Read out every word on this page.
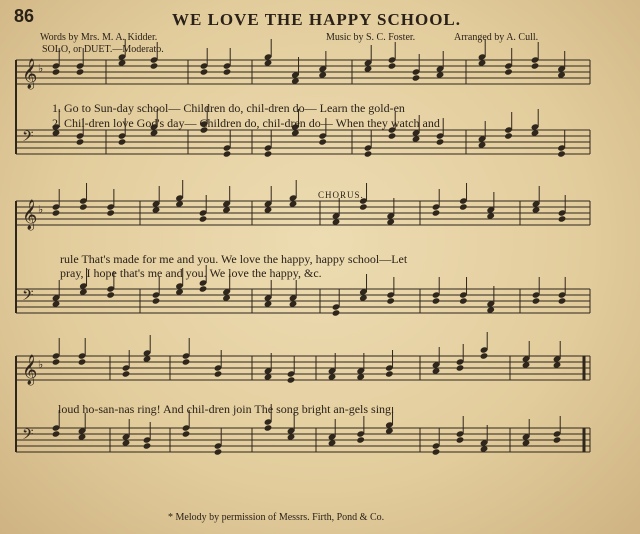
𝄞 ♭
𝄢
𝄞 ♭
𝄢
𝄞 ♭
𝄢
86	WE LOVE THE HAPPY SCHOOL.
Words by Mrs. M. A. Kidder.	Music by S. C. Foster.	Arranged by A. Cull.
SOLO, or DUET.—Moderato.
1. Go to Sun-day school— Children do, chil-dren do— Learn the gold-en
2. Chil-dren love God's day— Children do, chil-dren do— When they watch and
CHORUS.
rule That's made for me and you. We love the happy, happy school—Let
pray, I hope that's me and you. We love the happy, &c.
loud ho-san-nas ring! And chil-dren join The song bright an-gels sing.
* Melody by permission of Messrs. Firth, Pond & Co.
